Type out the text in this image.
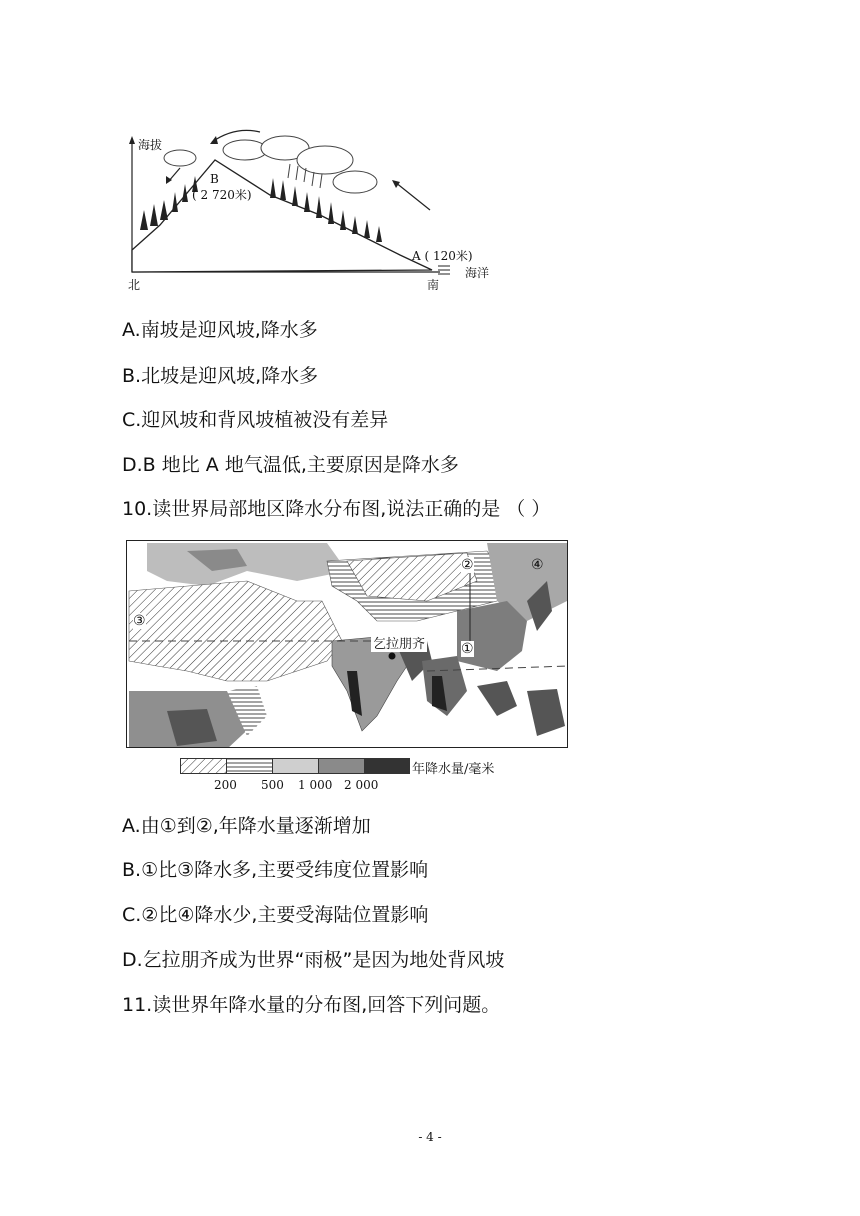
海拔
B
( 2 720米)
A ( 120米)
海洋
北	南
A.南坡是迎风坡,降水多
B.北坡是迎风坡,降水多
C.迎风坡和背风坡植被没有差异
D.B 地比 A 地气温低,主要原因是降水多
10.读世界局部地区降水分布图,说法正确的是 （ ）
②	④
③
①
乞拉朋齐
年降水量/毫米
200 500 1 000 2 000
A.由①到②,年降水量逐渐增加
B.①比③降水多,主要受纬度位置影响
C.②比④降水少,主要受海陆位置影响
D.乞拉朋齐成为世界“雨极”是因为地处背风坡
11.读世界年降水量的分布图,回答下列问题。
- 4 -
